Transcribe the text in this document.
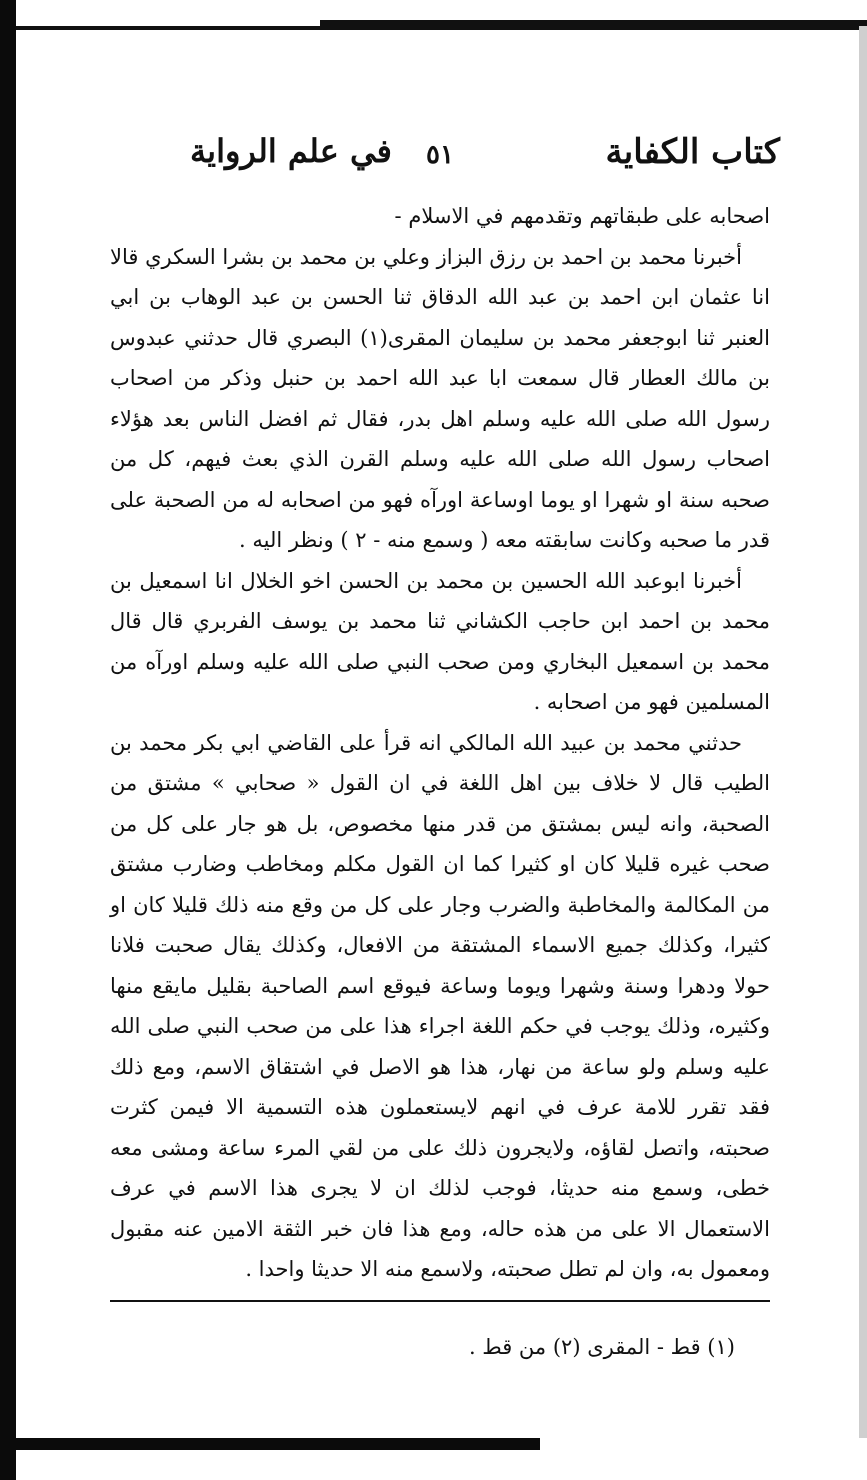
كتاب الكفاية
٥١
في علم الرواية

اصحابه على طبقاتهم وتقدمهم في الاسلام -

أخبرنا محمد بن احمد بن رزق البزاز وعلي بن محمد بن بشرا السكري قالا انا عثمان ابن احمد بن عبد الله الدقاق ثنا الحسن بن عبد الوهاب بن ابي العنبر ثنا ابوجعفر محمد بن سليمان المقرى(١) البصري قال حدثني عبدوس بن مالك العطار قال سمعت ابا عبد الله احمد بن حنبل وذكر من اصحاب رسول الله صلى الله عليه وسلم اهل بدر، فقال ثم افضل الناس بعد هؤلاء اصحاب رسول الله صلى الله عليه وسلم القرن الذي بعث فيهم، كل من صحبه سنة او شهرا او يوما اوساعة اورآه فهو من اصحابه له من الصحبة على قدر ما صحبه وكانت سابقته معه ( وسمع منه - ٢ ) ونظر اليه .

أخبرنا ابوعبد الله الحسين بن محمد بن الحسن اخو الخلال انا اسمعيل بن محمد بن احمد ابن حاجب الكشاني ثنا محمد بن يوسف الفربري قال قال محمد بن اسمعيل البخاري ومن صحب النبي صلى الله عليه وسلم اورآه من المسلمين فهو من اصحابه .

حدثني محمد بن عبيد الله المالكي انه قرأ على القاضي ابي بكر محمد بن الطيب قال لا خلاف بين اهل اللغة في ان القول « صحابي » مشتق من الصحبة، وانه ليس بمشتق من قدر منها مخصوص، بل هو جار على كل من صحب غيره قليلا كان او كثيرا كما ان القول مكلم ومخاطب وضارب مشتق من المكالمة والمخاطبة والضرب وجار على كل من وقع منه ذلك قليلا كان او كثيرا، وكذلك جميع الاسماء المشتقة من الافعال، وكذلك يقال صحبت فلانا حولا ودهرا وسنة وشهرا ويوما وساعة فيوقع اسم الصاحبة بقليل مايقع منها وكثيره، وذلك يوجب في حكم اللغة اجراء هذا على من صحب النبي صلى الله عليه وسلم ولو ساعة من نهار، هذا هو الاصل في اشتقاق الاسم، ومع ذلك فقد تقرر للامة عرف في انهم لايستعملون هذه التسمية الا فيمن كثرت صحبته، واتصل لقاؤه، ولايجرون ذلك على من لقي المرء ساعة ومشى معه خطى، وسمع منه حديثا، فوجب لذلك ان لا يجرى هذا الاسم في عرف الاستعمال الا على من هذه حاله، ومع هذا فان خبر الثقة الامين عنه مقبول ومعمول به، وان لم تطل صحبته، ولاسمع منه الا حديثا واحدا .

(١) قط - المقرى (٢) من قط .
